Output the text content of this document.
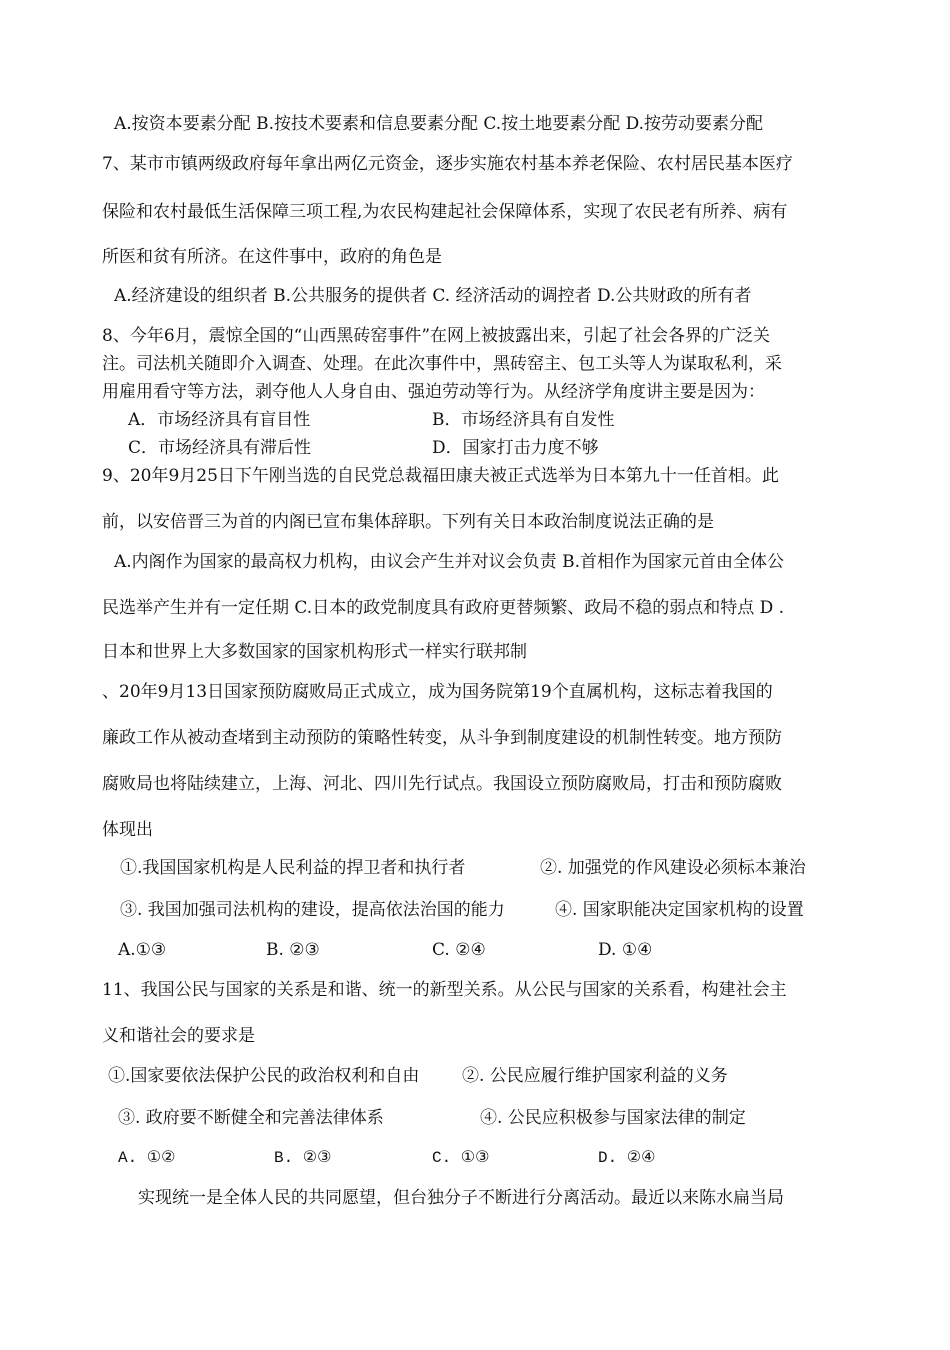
A.按资本要素分配 B.按技术要素和信息要素分配 C.按土地要素分配 D.按劳动要素分配
7、某市市镇两级政府每年拿出两亿元资金，逐步实施农村基本养老保险、农村居民基本医疗
保险和农村最低生活保障三项工程,为农民构建起社会保障体系，实现了农民老有所养、病有
所医和贫有所济。在这件事中，政府的角色是
A.经济建设的组织者 B.公共服务的提供者 C. 经济活动的调控者 D.公共财政的所有者
8、今年6月，震惊全国的“山西黑砖窑事件”在网上被披露出来，引起了社会各界的广泛关
注。司法机关随即介入调查、处理。在此次事件中，黑砖窑主、包工头等人为谋取私利，采
用雇用看守等方法，剥夺他人人身自由、强迫劳动等行为。从经济学角度讲主要是因为：
A．市场经济具有盲目性	B．市场经济具有自发性
C．市场经济具有滞后性	D．国家打击力度不够
9、20年9月25日下午刚当选的自民党总裁福田康夫被正式选举为日本第九十一任首相。此
前，以安倍晋三为首的内阁已宣布集体辞职。下列有关日本政治制度说法正确的是
A.内阁作为国家的最高权力机构，由议会产生并对议会负责 B.首相作为国家元首由全体公
民选举产生并有一定任期 C.日本的政党制度具有政府更替频繁、政局不稳的弱点和特点 D .
日本和世界上大多数国家的国家机构形式一样实行联邦制
、20年9月13日国家预防腐败局正式成立，成为国务院第19个直属机构，这标志着我国的
廉政工作从被动查堵到主动预防的策略性转变，从斗争到制度建设的机制性转变。地方预防
腐败局也将陆续建立，上海、河北、四川先行试点。我国设立预防腐败局，打击和预防腐败
体现出
①.我国国家机构是人民利益的捍卫者和执行者	②. 加强党的作风建设必须标本兼治
③. 我国加强司法机构的建设，提高依法治国的能力	④. 国家职能决定国家机构的设置
A.①③	B. ②③	C. ②④	D. ①④
11、我国公民与国家的关系是和谐、统一的新型关系。从公民与国家的关系看，构建社会主
义和谐社会的要求是
①.国家要依法保护公民的政治权利和自由	②. 公民应履行维护国家利益的义务
③. 政府要不断健全和完善法律体系	④. 公民应积极参与国家法律的制定
A. ①②	B. ②③	C. ①③	D. ②④
实现统一是全体人民的共同愿望，但台独分子不断进行分离活动。最近以来陈水扁当局
